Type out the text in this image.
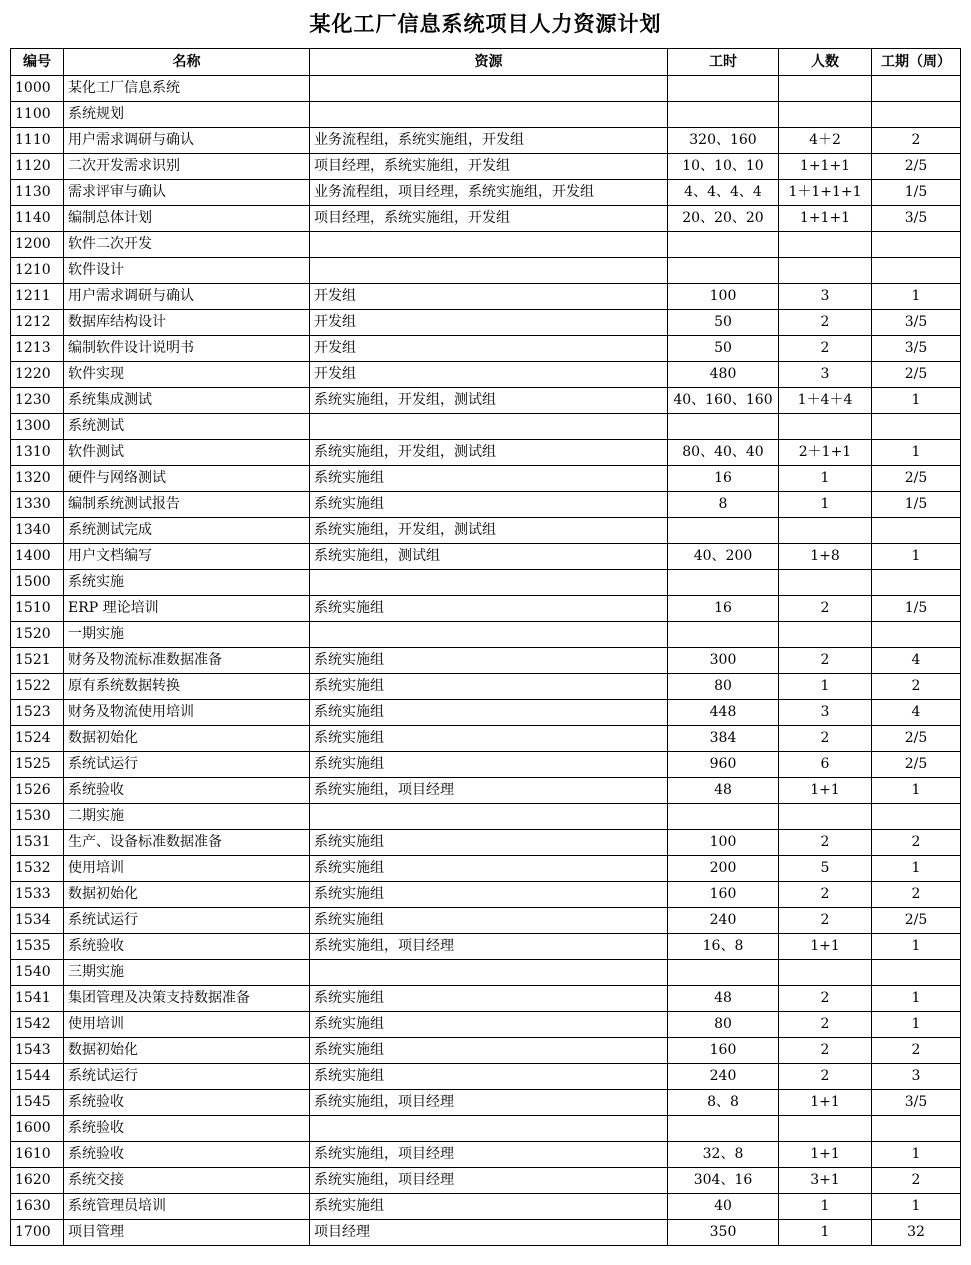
某化工厂信息系统项目人力资源计划
编号	名称	资源	工时	人数	工期（周）
1000	某化工厂信息系统				
1100	系统规划				
1110	用户需求调研与确认	业务流程组，系统实施组，开发组	320、160	4＋2	2
1120	二次开发需求识别	项目经理，系统实施组，开发组	10、10、10	1+1+1	2/5
1130	需求评审与确认	业务流程组，项目经理，系统实施组，开发组	4、4、4、4	1＋1+1+1	1/5
1140	编制总体计划	项目经理，系统实施组，开发组	20、20、20	1+1+1	3/5
1200	软件二次开发				
1210	软件设计				
1211	用户需求调研与确认	开发组	100	3	1
1212	数据库结构设计	开发组	50	2	3/5
1213	编制软件设计说明书	开发组	50	2	3/5
1220	软件实现	开发组	480	3	2/5
1230	系统集成测试	系统实施组，开发组，测试组	40、160、160	1＋4＋4	1
1300	系统测试				
1310	软件测试	系统实施组，开发组，测试组	80、40、40	2＋1+1	1
1320	硬件与网络测试	系统实施组	16	1	2/5
1330	编制系统测试报告	系统实施组	8	1	1/5
1340	系统测试完成	系统实施组，开发组，测试组			
1400	用户文档编写	系统实施组，测试组	40、200	1+8	1
1500	系统实施				
1510	ERP 理论培训	系统实施组	16	2	1/5
1520	一期实施				
1521	财务及物流标准数据准备	系统实施组	300	2	4
1522	原有系统数据转换	系统实施组	80	1	2
1523	财务及物流使用培训	系统实施组	448	3	4
1524	数据初始化	系统实施组	384	2	2/5
1525	系统试运行	系统实施组	960	6	2/5
1526	系统验收	系统实施组，项目经理	48	1+1	1
1530	二期实施				
1531	生产、设备标准数据准备	系统实施组	100	2	2
1532	使用培训	系统实施组	200	5	1
1533	数据初始化	系统实施组	160	2	2
1534	系统试运行	系统实施组	240	2	2/5
1535	系统验收	系统实施组，项目经理	16、8	1+1	1
1540	三期实施				
1541	集团管理及决策支持数据准备	系统实施组	48	2	1
1542	使用培训	系统实施组	80	2	1
1543	数据初始化	系统实施组	160	2	2
1544	系统试运行	系统实施组	240	2	3
1545	系统验收	系统实施组，项目经理	8、8	1+1	3/5
1600	系统验收				
1610	系统验收	系统实施组，项目经理	32、8	1+1	1
1620	系统交接	系统实施组，项目经理	304、16	3+1	2
1630	系统管理员培训	系统实施组	40	1	1
1700	项目管理	项目经理	350	1	32
